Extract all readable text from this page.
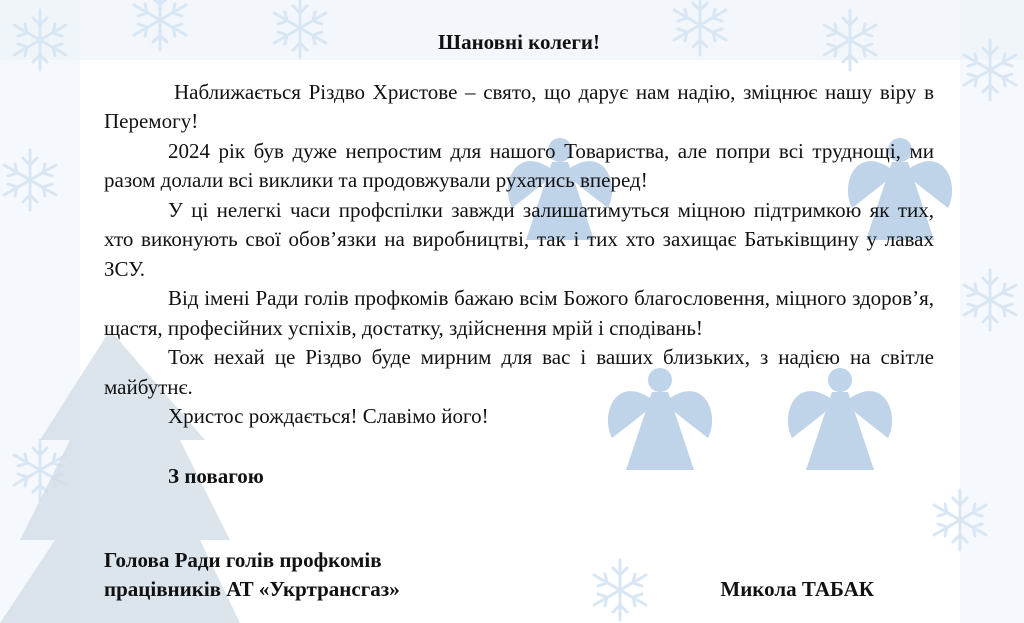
Шановні колеги!

Наближається Різдво Христове – свято, що дарує нам надію, зміцнює нашу віру в Перемогу!

2024 рік був дуже непростим для нашого Товариства, але попри всі труднощі, ми разом долали всі виклики та продовжували рухатись вперед!

У ці нелегкі часи профспілки завжди залишатимуться міцною підтримкою як тих, хто виконують свої обов’язки на виробництві, так і тих хто захищає Батьківщину у лавах ЗСУ.

Від імені Ради голів профкомів бажаю всім Божого благословення, міцного здоров’я, щастя, професійних успіхів, достатку, здійснення мрій і сподівань!

Тож нехай це Різдво буде мирним для вас і ваших близьких, з надією на світле майбутнє.

Христос рождається! Славімо його!

З повагою
Голова Ради голів профкомів
працівників АТ «Укртрансгаз»	Микола ТАБАК
